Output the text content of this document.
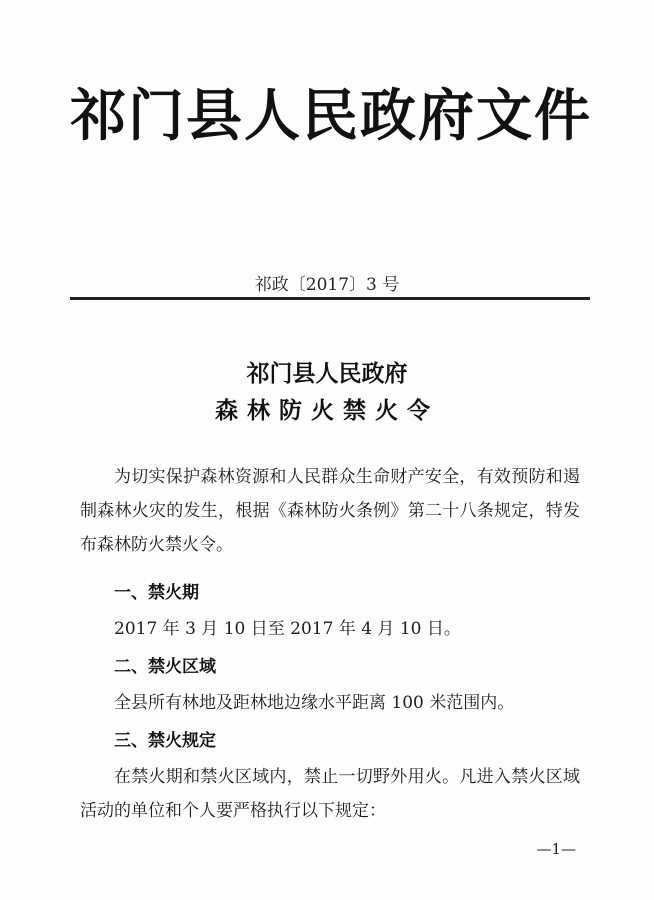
祁门县人民政府文件
祁政〔2017〕3 号
祁门县人民政府
森林防火禁火令
为切实保护森林资源和人民群众生命财产安全，有效预防和遏制森林火灾的发生，根据《森林防火条例》第二十八条规定，特发布森林防火禁火令。
一、禁火期
2017 年 3 月 10 日至 2017 年 4 月 10 日。
二、禁火区域
全县所有林地及距林地边缘水平距离 100 米范围内。
三、禁火规定
在禁火期和禁火区域内，禁止一切野外用火。凡进入禁火区域活动的单位和个人要严格执行以下规定：
—1—
